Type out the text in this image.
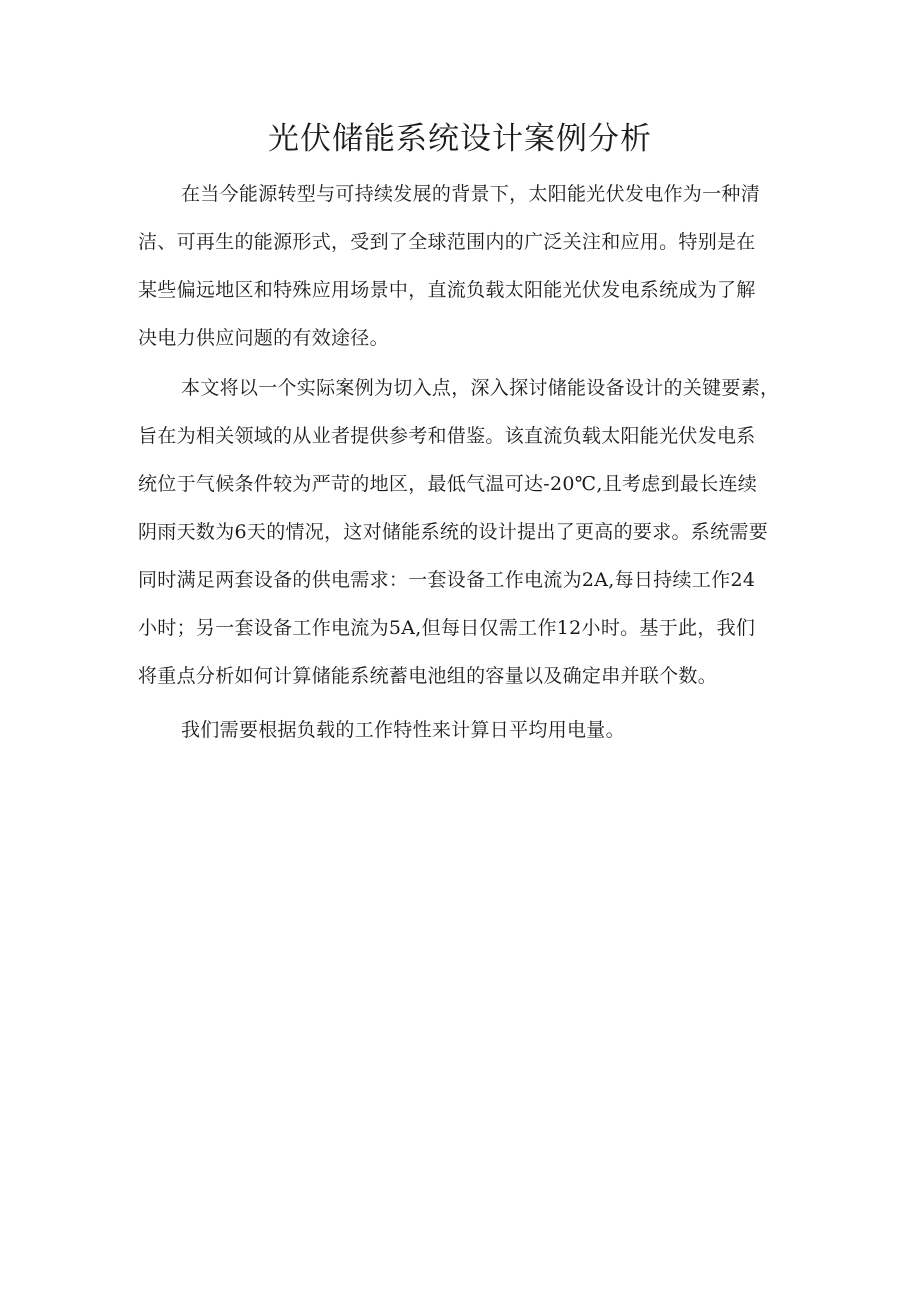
光伏储能系统设计案例分析
在当今能源转型与可持续发展的背景下，太阳能光伏发电作为一种清
洁、可再生的能源形式，受到了全球范围内的广泛关注和应用。特别是在
某些偏远地区和特殊应用场景中，直流负载太阳能光伏发电系统成为了解
决电力供应问题的有效途径。
本文将以一个实际案例为切入点，深入探讨储能设备设计的关键要素，
旨在为相关领域的从业者提供参考和借鉴。该直流负载太阳能光伏发电系
统位于气候条件较为严苛的地区，最低气温可达-20℃,且考虑到最长连续
阴雨天数为6天的情况，这对储能系统的设计提出了更高的要求。系统需要
同时满足两套设备的供电需求：一套设备工作电流为2A,每日持续工作24
小时；另一套设备工作电流为5A,但每日仅需工作12小时。基于此，我们
将重点分析如何计算储能系统蓄电池组的容量以及确定串并联个数。
我们需要根据负载的工作特性来计算日平均用电量。
